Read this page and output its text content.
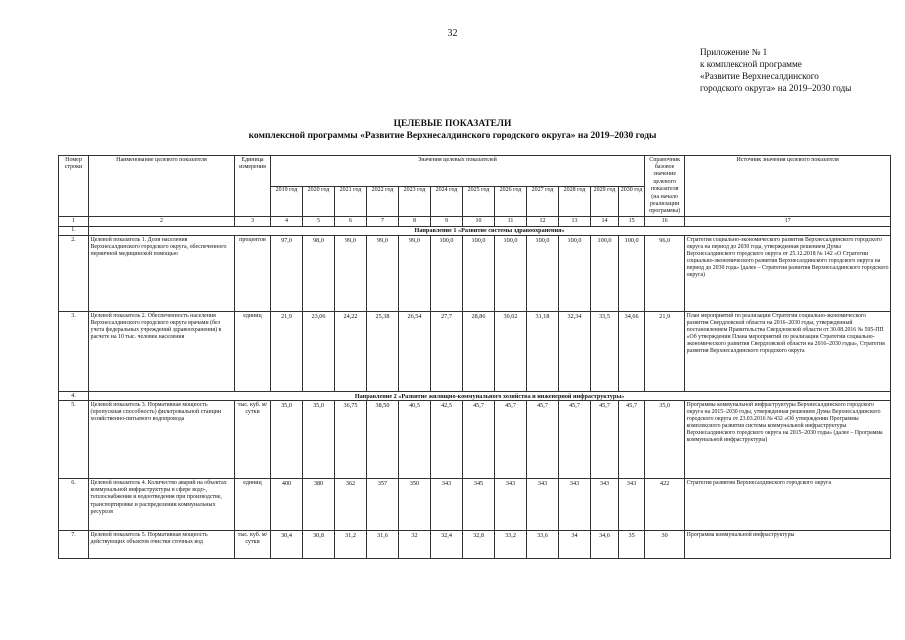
32
Приложение № 1
к комплексной программе
«Развитие Верхнесалдинского
городского округа» на 2019–2030 годы
ЦЕЛЕВЫЕ ПОКАЗАТЕЛИ
комплексной программы «Развитие Верхнесалдинского городского округа» на 2019–2030 годы
Номер строки	Наименование целевого показателя	Единица измерения	Значения целевых показателей												Справочник базовое значение целевого показателя (на начало реализации программы)	Источник значения целевого показателя
			2019 год	2020 год	2021 год	2022 год	2023 год	2024 год	2025 год	2026 год	2027 год	2028 год	2029 год	2030 год		
1	2	3	4	5	6	7	8	9	10	11	12	13	14	15	16	17
1.	Направление 1 «Развитие системы здравоохранения»															
2.	Целевой показатель 1. Доля населения Верхнесалдинского городского округа, обеспеченного первичной медицинской помощью	процентов	97,0	98,0	99,0	99,0	99,0	100,0	100,0	100,0	100,0	100,0	100,0	100,0	96,0	Стратегия социально-экономического развития Верхнесалдинского городского округа на период до 2030 года, утвержденная решением Думы Верхнесалдинского городского округа от 25.12.2018 № 142 «О Стратегии социально-экономического развития Верхнесалдинского городского округа на период до 2030 года» (далее – Стратегия развития Верхнесалдинского городского округа)
3.	Целевой показатель 2. Обеспеченность населения Верхнесалдинского городского округа врачами (без учета федеральных учреждений здравоохранения) в расчете на 10 тыс. человек населения	единиц	21,9	23,06	24,22	25,38	26,54	27,7	28,86	30,02	31,18	32,34	33,5	34,66	21,9	План мероприятий по реализации Стратегии социально-экономического развития Свердловской области на 2016–2030 годы, утвержденный постановлением Правительства Свердловской области от 30.08.2016 № 595-ПП «Об утверждении Плана мероприятий по реализации Стратегии социально-экономического развития Свердловской области на 2016–2030 годы», Стратегия развития Верхнесалдинского городского округа
4.	Направление 2 «Развитие жилищно-коммунального хозяйства и инженерной инфраструктуры»															
5.	Целевой показатель 3. Нормативная мощность (пропускная способность) фильтровальной станции хозяйственно-питьевого водопровода	тыс. куб. м/ сутки	35,0	35,0	36,75	38,50	40,5	42,5	45,7	45,7	45,7	45,7	45,7	45,7	35,0	Программы коммунальной инфраструктуры Верхнесалдинского городского округа на 2015–2030 годы, утвержденная решением Думы Верхнесалдинского городского округа от 23.03.2016 № 432 «Об утверждении Программы комплексного развития системы коммунальной инфраструктуры Верхнесалдинского городского округа на 2015–2030 годы» (далее – Программа коммунальной инфраструктуры)
6.	Целевой показатель 4. Количество аварий на объектах коммунальной инфраструктуры в сфере водо-, теплоснабжения и водоотведения при производстве, транспортировке и распределении коммунальных ресурсов	единиц	400	380	362	357	350	343	345	343	343	343	343	343	422	Стратегия развития Верхнесалдинского городского округа
7.	Целевой показатель 5. Нормативная мощность действующих объектов очистки сточных вод	тыс. куб. м/ сутки	30,4	30,8	31,2	31,6	32	32,4	32,8	33,2	33,6	34	34,6	35	30	Программа коммунальной инфраструктуры
